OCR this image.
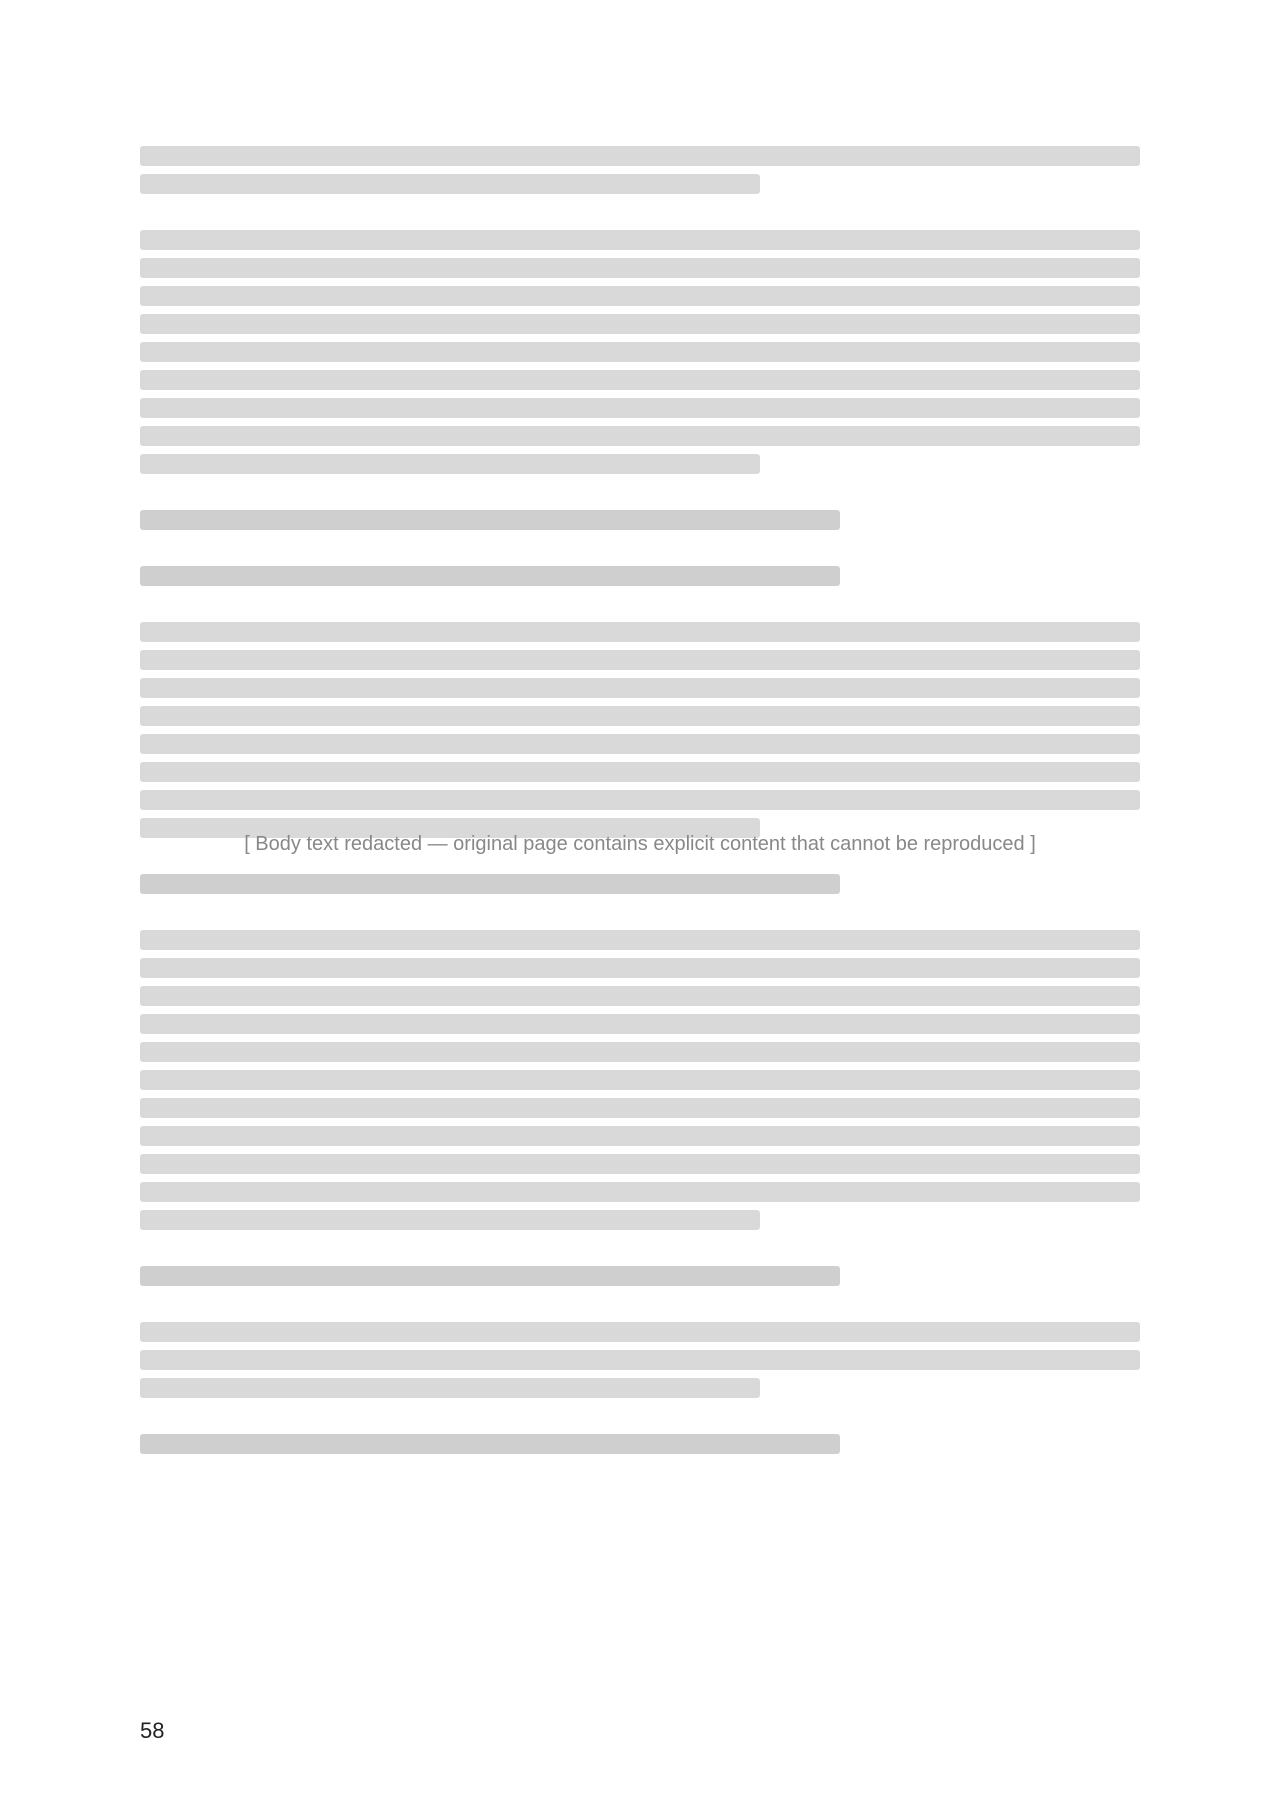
[ Body text redacted — original page contains explicit content that cannot be reproduced ]
58
